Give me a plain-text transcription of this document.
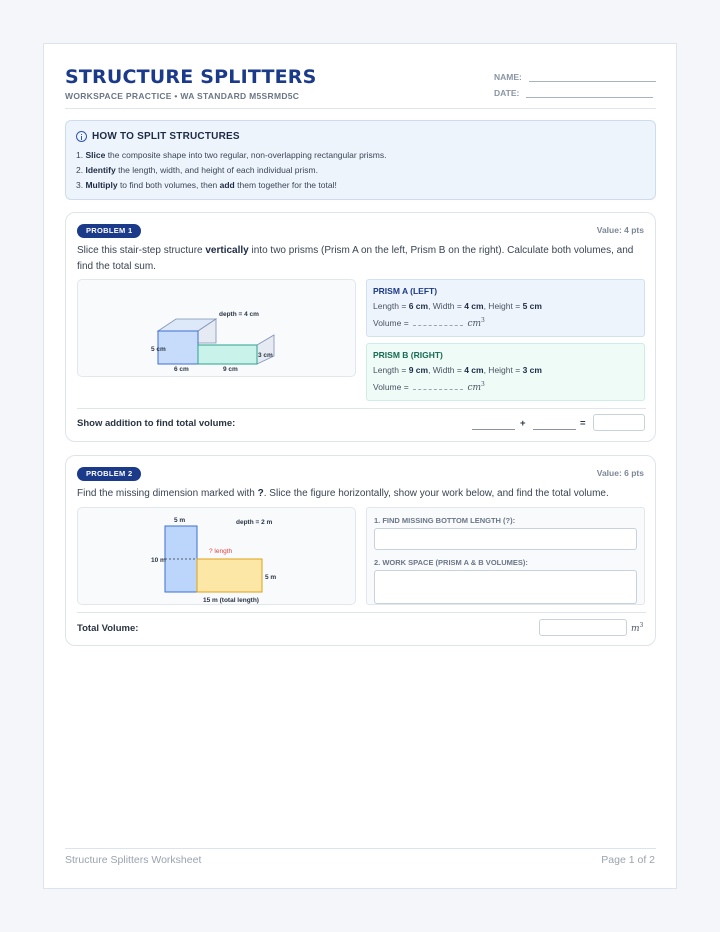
STRUCTURE SPLITTERS
WORKSPACE PRACTICE • WA STANDARD M5SRMD5C
NAME:
DATE:
HOW TO SPLIT STRUCTURES
1. Slice the composite shape into two regular, non-overlapping rectangular prisms.
2. Identify the length, width, and height of each individual prism.
3. Multiply to find both volumes, then add them together for the total!
PROBLEM 1	Value: 4 pts
Slice this stair-step structure vertically into two prisms (Prism A on the left, Prism B on the right). Calculate both volumes, and find the total sum.
depth = 4 cm
5 cm
3 cm
6 cm	9 cm
PRISM A (LEFT)
Length = 6 cm, Width = 4 cm, Height = 5 cm
Volume =	$cm^3$
PRISM B (RIGHT)
Length = 9 cm, Width = 4 cm, Height = 3 cm
Volume =	$cm^3$
Show addition to find total volume:	+	=
PROBLEM 2	Value: 6 pts
Find the missing dimension marked with ?. Slice the figure horizontally, show your work below, and find the total volume.
5 m	depth = 2 m
10 m
? length
5 m
15 m (total length)
1. FIND MISSING BOTTOM LENGTH (?):
2. WORK SPACE (PRISM A & B VOLUMES):
Total Volume:	$m^3$
Structure Splitters Worksheet	Page 1 of 2
